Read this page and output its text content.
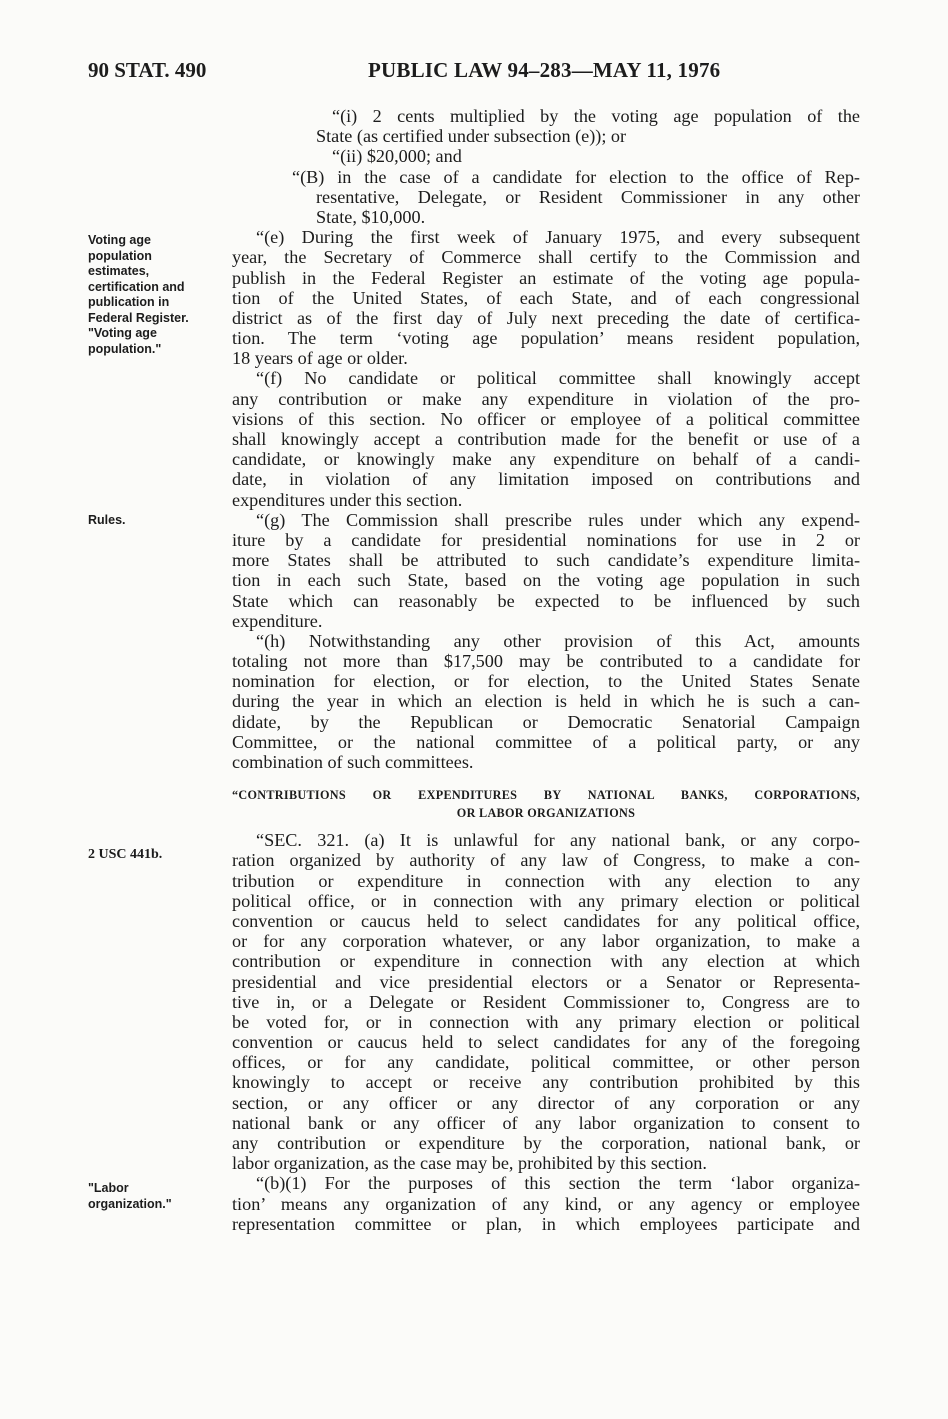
90 STAT. 490	PUBLIC LAW 94–283—MAY 11, 1976
Voting age
population
estimates,
certification and
publication in
Federal Register.
"Voting age
population."
Rules.
2 USC 441b.
"Labor
organization."
“(i) 2 cents multiplied by the voting age population of the
State (as certified under subsection (e)); or
“(ii) $20,000; and
“(B) in the case of a candidate for election to the office of Rep-
resentative, Delegate, or Resident Commissioner in any other
State, $10,000.
“(e) During the first week of January 1975, and every subsequent
year, the Secretary of Commerce shall certify to the Commission and
publish in the Federal Register an estimate of the voting age popula-
tion of the United States, of each State, and of each congressional
district as of the first day of July next preceding the date of certifica-
tion. The term ‘voting age population’ means resident population,
18 years of age or older.
“(f) No candidate or political committee shall knowingly accept
any contribution or make any expenditure in violation of the pro-
visions of this section. No officer or employee of a political committee
shall knowingly accept a contribution made for the benefit or use of a
candidate, or knowingly make any expenditure on behalf of a candi-
date, in violation of any limitation imposed on contributions and
expenditures under this section.
“(g) The Commission shall prescribe rules under which any expend-
iture by a candidate for presidential nominations for use in 2 or
more States shall be attributed to such candidate’s expenditure limita-
tion in each such State, based on the voting age population in such
State which can reasonably be expected to be influenced by such
expenditure.
“(h) Notwithstanding any other provision of this Act, amounts
totaling not more than $17,500 may be contributed to a candidate for
nomination for election, or for election, to the United States Senate
during the year in which an election is held in which he is such a can-
didate, by the Republican or Democratic Senatorial Campaign
Committee, or the national committee of a political party, or any
combination of such committees.
“CONTRIBUTIONS OR EXPENDITURES BY NATIONAL BANKS, CORPORATIONS,
OR LABOR ORGANIZATIONS
“SEC. 321. (a) It is unlawful for any national bank, or any corpo-
ration organized by authority of any law of Congress, to make a con-
tribution or expenditure in connection with any election to any
political office, or in connection with any primary election or political
convention or caucus held to select candidates for any political office,
or for any corporation whatever, or any labor organization, to make a
contribution or expenditure in connection with any election at which
presidential and vice presidential electors or a Senator or Representa-
tive in, or a Delegate or Resident Commissioner to, Congress are to
be voted for, or in connection with any primary election or political
convention or caucus held to select candidates for any of the foregoing
offices, or for any candidate, political committee, or other person
knowingly to accept or receive any contribution prohibited by this
section, or any officer or any director of any corporation or any
national bank or any officer of any labor organization to consent to
any contribution or expenditure by the corporation, national bank, or
labor organization, as the case may be, prohibited by this section.
“(b)(1) For the purposes of this section the term ‘labor organiza-
tion’ means any organization of any kind, or any agency or employee
representation committee or plan, in which employees participate and
